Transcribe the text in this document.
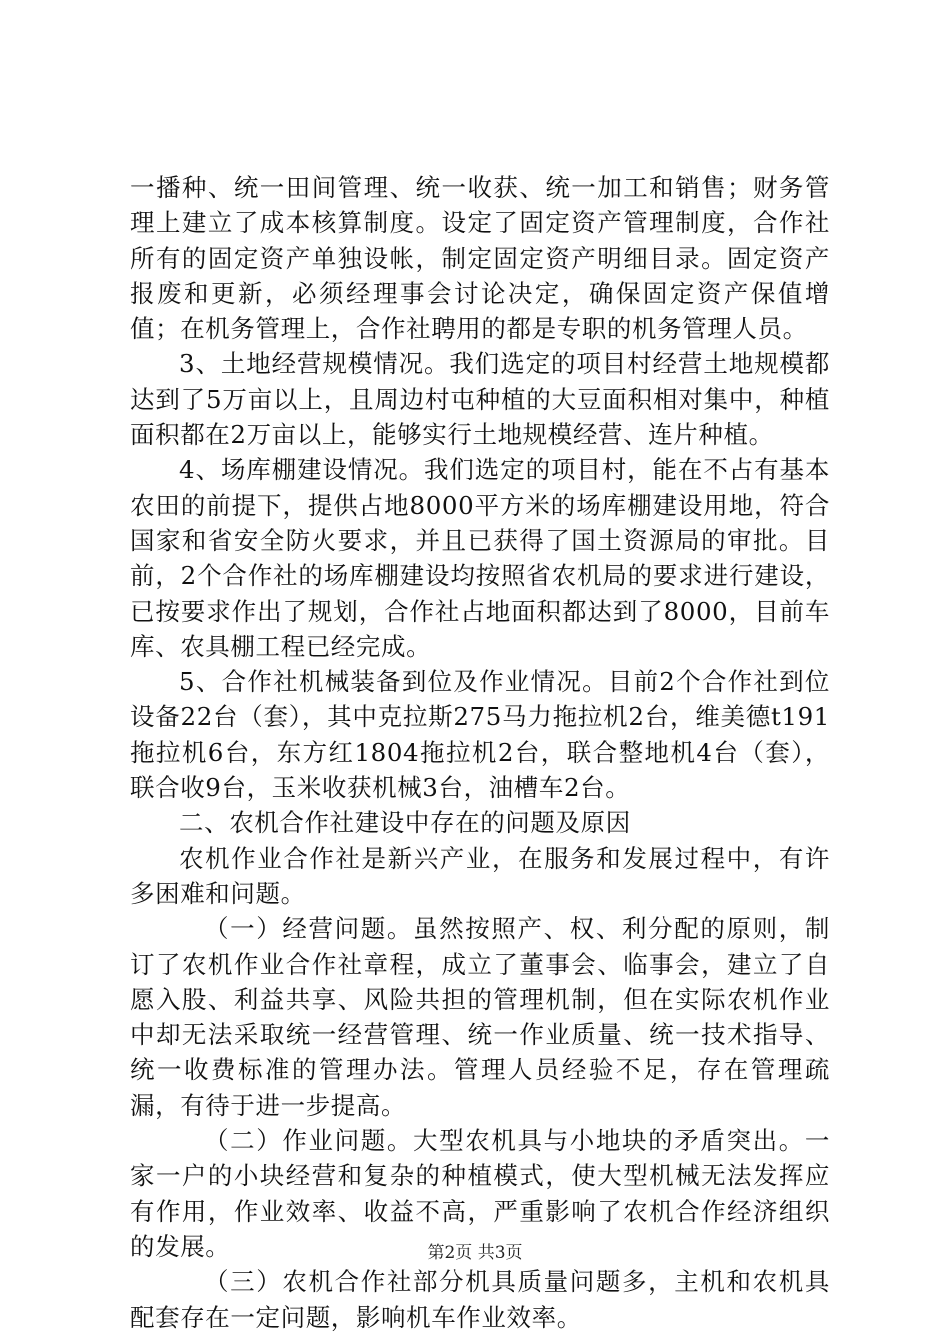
一播种、统一田间管理、统一收获、统一加工和销售；财务管理上建立了成本核算制度。设定了固定资产管理制度，合作社所有的固定资产单独设帐，制定固定资产明细目录。固定资产报废和更新，必须经理事会讨论决定，确保固定资产保值增值；在机务管理上，合作社聘用的都是专职的机务管理人员。

3、土地经营规模情况。我们选定的项目村经营土地规模都达到了5万亩以上，且周边村屯种植的大豆面积相对集中，种植面积都在2万亩以上，能够实行土地规模经营、连片种植。

4、场库棚建设情况。我们选定的项目村，能在不占有基本农田的前提下，提供占地8000平方米的场库棚建设用地，符合国家和省安全防火要求，并且已获得了国土资源局的审批。目前，2个合作社的场库棚建设均按照省农机局的要求进行建设，已按要求作出了规划，合作社占地面积都达到了8000，目前车库、农具棚工程已经完成。

5、合作社机械装备到位及作业情况。目前2个合作社到位设备22台（套），其中克拉斯275马力拖拉机2台，维美德t191拖拉机6台，东方红1804拖拉机2台，联合整地机4台（套），联合收9台，玉米收获机械3台，油槽车2台。

二、农机合作社建设中存在的问题及原因

农机作业合作社是新兴产业，在服务和发展过程中，有许多困难和问题。

（一）经营问题。虽然按照产、权、利分配的原则，制订了农机作业合作社章程，成立了董事会、临事会，建立了自愿入股、利益共享、风险共担的管理机制，但在实际农机作业中却无法采取统一经营管理、统一作业质量、统一技术指导、统一收费标准的管理办法。管理人员经验不足，存在管理疏漏，有待于进一步提高。

（二）作业问题。大型农机具与小地块的矛盾突出。一家一户的小块经营和复杂的种植模式，使大型机械无法发挥应有作用，作业效率、收益不高，严重影响了农机合作经济组织的发展。

（三）农机合作社部分机具质量问题多，主机和农机具配套存在一定问题，影响机车作业效率。

第2页 共3页
